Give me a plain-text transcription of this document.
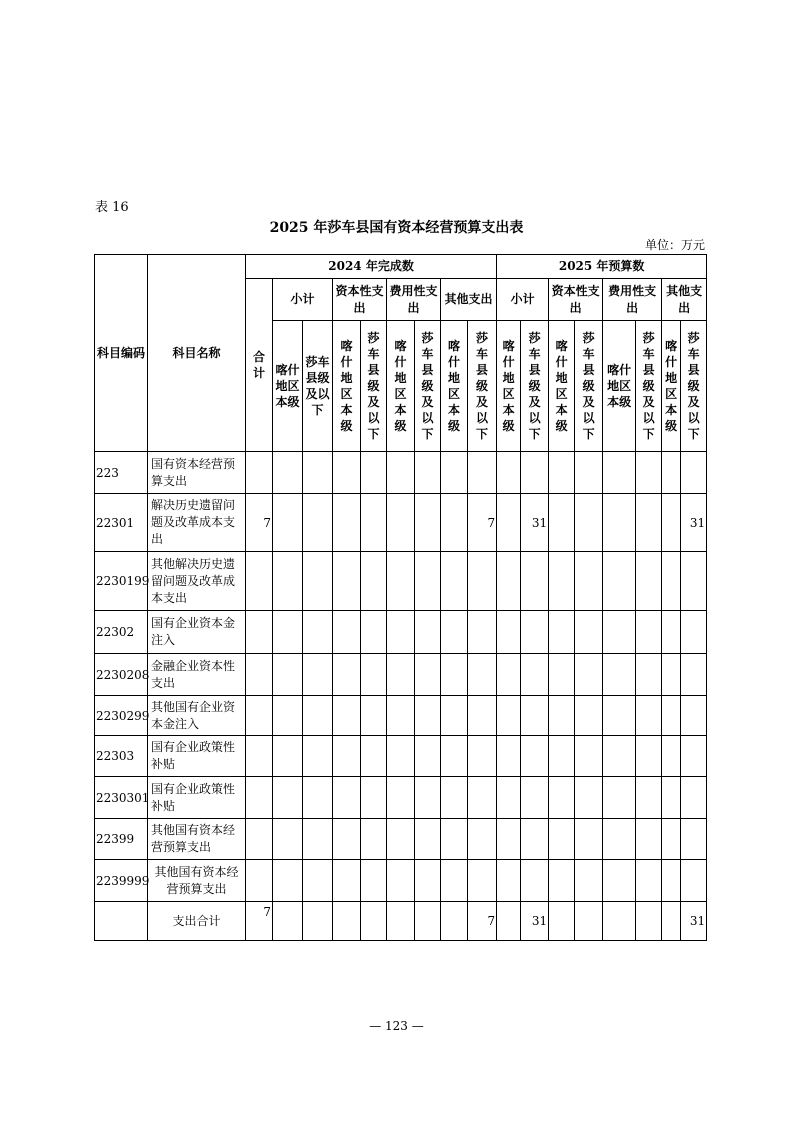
表 16
2025 年莎车县国有资本经营预算支出表
单位：万元
科目编码	科目名称	2024 年完成数									2025 年预算数							

		合计	小计		资本性支出		费用性支出		其他支出		小计		资本性支出		费用性支出		其他支出	

			喀什地区本级	莎车县级及以下	喀什地区本级	莎车县级及以下	喀什地区本级	莎车县级及以下	喀什地区本级	莎车县级及以下	喀什地区本级	莎车县级及以下	喀什地区本级	莎车县级及以下	喀什地区本级	莎车县级及以下	喀什地区本级	莎车县级及以下

223	国有资本经营预算支出																	
22301	解决历史遗留问题及改革成本支出	7								7		31						31
2230199	其他解决历史遗留问题及改革成本支出																	
22302	国有企业资本金注入																	
2230208	金融企业资本性支出																	
2230299	其他国有企业资本金注入																	
22303	国有企业政策性补贴																	
2230301	国有企业政策性补贴																	
22399	其他国有资本经营预算支出																	
2239999	其他国有资本经营预算支出																	
	支出合计	7								7		31						31
— 123 —
